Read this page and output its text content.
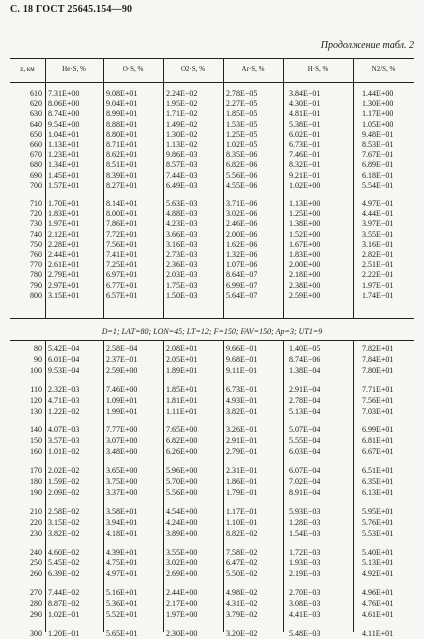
С. 18 ГОСТ 25645.154—90
Продолжение табл. 2
z, км	He·S, %	O·S, %	O2·S, %	Ar·S, %	H·S, %	N2/S, %
D=1; LAT=80; LON=45; LT=12; F=150; FAV=150; Ap=3; UT1=9
610 7.31E+00	9.08E+01	2.24E−02	2.78E−05	3.84E−01	1.44E+00
620 8.06E+00	9.04E+01	1.95E−02	2.27E−05	4.30E−01	1.30E+00
630 8.74E+00	8.99E+01	1.71E−02	1.85E−05	4.81E−01	1.17E+00
640 9.54E+00	8.88E+01	1.49E−02	1.53E−05	5.38E−01	1.05E+00
650 1.04E+01	8.80E+01	1.30E−02	1.25E−05	6.02E−01	9.48E−01
660 1.13E+01	8.71E+01	1.13E−02	1.02E−05	6.73E−01	8.53E−01
670 1.23E+01	8.62E+01	9.86E−03	8.35E−06	7.46E−01	7.67E−01
680 1.34E+01	8.51E+01	8.57E−03	6.82E−06	8.32E−01	6.89E−01
690 1.45E+01	8.39E+01	7.44E−03	5.56E−06	9.21E−01	6.18E−01
700 1.57E+01	8.27E+01	6.49E−03	4.55E−06	1.02E+00	5.54E−01
710 1.70E+01	8.14E+01	5.63E−03	3.71E−06	1.13E+00	4.97E−01
720 1.83E+01	8.00E+01	4.88E−03	3.02E−06	1.25E+00	4.44E−01
730 1.97E+01	7.86E+01	4.23E−03	2.46E−06	1.38E+00	3.97E−01
740 2.12E+01	7.72E+01	3.66E−03	2.00E−06	1.52E+00	3.55E−01
750 2.28E+01	7.56E+01	3.16E−03	1.62E−06	1.67E+00	3.16E−01
760 2.44E+01	7.41E+01	2.73E−03	1.32E−06	1.83E+00	2.82E−01
770 2.61E+01	7.25E+01	2.36E−03	1.07E−06	2.00E+00	2.51E−01
780 2.79E+01	6.97E+01	2.03E−03	8.64E−07	2.18E+00	2.22E−01
790 2.97E+01	6.77E+01	1.75E−03	6.99E−07	2.38E+00	1.97E−01
800 3.15E+01	6.57E+01	1.50E−03	5.64E−07	2.59E+00	1.74E−01
80 5.42E−04	2.58E−04	2.08E+01	9.66E−01	1.40E−05	7.82E+01
90 6.01E−04	2.37E−01	2.05E+01	9.68E−01	8.74E−06	7.84E+01
100 9.53E−04	2.59E+00	1.89E+01	9.11E−01	1.38E−04	7.80E+01
110 2.32E−03	7.46E+00	1.85E+01	6.73E−01	2.91E−04	7.71E+01
120 4.71E−03	1.09E+01	1.81E+01	4.93E−01	2.78E−04	7.56E+01
130 1.22E−02	1.99E+01	1.11E+01	3.82E−01	5.13E−04	7.03E+01
140 4.07E−03	7.77E+00	7.65E+00	3.26E−01	5.07E−04	6.99E+01
150 3.57E−03	3.07E+00	6.82E+00	2.91E−01	5.55E−04	6.81E+01
160 1.01E−02	3.48E+00	6.26E+00	2.79E−01	6.03E−04	6.67E+01
170 2.02E−02	3.65E+00	5.96E+00	2.31E−01	6.07E−04	6.51E+01
180 1.59E−02	3.75E+00	5.70E+00	1.86E−01	7.02E−04	6.35E+01
190 2.09E−02	3.37E+00	5.56E+00	1.79E−01	8.91E−04	6.13E+01
210 2.58E−02	3.58E+01	4.54E+00	1.17E−01	5.93E−03	5.95E+01
220 3.15E−02	3.94E+01	4.24E+00	1.10E−01	1.28E−03	5.76E+01
230 3.82E−02	4.18E+01	3.89E+00	8.82E−02	1.54E−03	5.53E+01
240 4.60E−02	4.39E+01	3.55E+00	7.58E−02	1.72E−03	5.40E+01
250 5.45E−02	4.75E+01	3.02E+00	6.47E−02	1.93E−03	5.13E+01
260 6.39E−02	4.97E+01	2.69E+00	5.50E−02	2.19E−03	4.92E+01
270 7.44E−02	5.16E+01	2.44E+00	4.98E−02	2.70E−03	4.96E+01
280 8.87E−02	5.36E+01	2.17E+00	4.31E−02	3.08E−03	4.76E+01
290 1.02E−01	5.52E+01	1.97E+00	3.79E−02	4.41E−03	4.61E+01
300 1.20E−01	5.65E+01	2.30E+00	3.20E−02	5.48E−03	4.11E+01
